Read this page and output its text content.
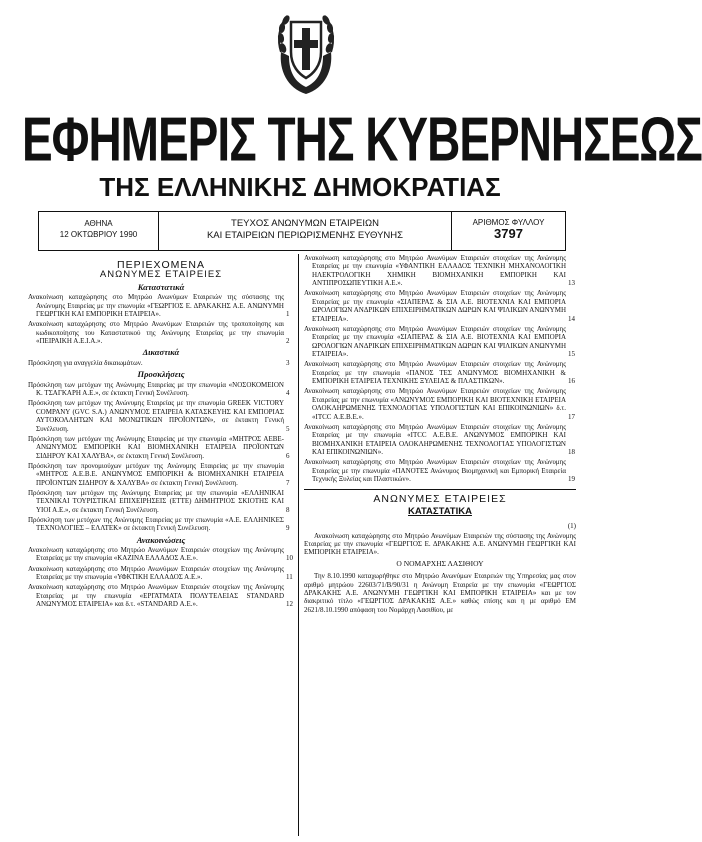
ΕΦΗΜΕΡΙΣ ΤΗΣ ΚΥΒΕΡΝΗΣΕΩΣ
ΤΗΣ ΕΛΛΗΝΙΚΗΣ ΔΗΜΟΚΡΑΤΙΑΣ
ΑΘΗΝΑ
12 ΟΚΤΩΒΡΙΟΥ 1990
ΤΕΥΧΟΣ ΑΝΩΝΥΜΩΝ ΕΤΑΙΡΕΙΩΝ
ΚΑΙ ΕΤΑΙΡΕΙΩΝ ΠΕΡΙΩΡΙΣΜΕΝΗΣ ΕΥΘΥΝΗΣ
ΑΡΙΘΜΟΣ ΦΥΛΛΟΥ
3797
ΠΕΡΙΕΧΟΜΕΝΑ
ΑΝΩΝΥΜΕΣ ΕΤΑΙΡΕΙΕΣ
Καταστατικά
Ανακοίνωση καταχώρησης στο Μητρώο Ανωνύμων Εταιρειών της σύστασης της Ανώνυμης Εταιρείας με την επωνυμία «ΓΕΩΡΓΙΟΣ Ε. ΔΡΑΚΑΚΗΣ Α.Ε. ΑΝΩΝΥΜΗ ΓΕΩΡΓΙΚΗ ΚΑΙ ΕΜΠΟΡΙΚΗ ΕΤΑΙΡΕΙΑ».	1
Ανακοίνωση καταχώρησης στο Μητρώο Ανωνύμων Εταιρειών της τροποποίησης και κωδικοποίησης του Καταστατικού της Ανώνυμης Εταιρείας με την επωνυμία «ΠΕΙΡΑΙΚΗ Α.Ε.Ι.Α.».	2
Δικαστικά
Πρόσκληση για αναγγελία δικαιωμάτων.	3
Προσκλήσεις
Πρόσκληση των μετόχων της Ανώνυμης Εταιρείας με την επωνυμία «ΝΟΣΟΚΟΜΕΙΟΝ Κ. ΤΣΑΓΚΑΡΗ Α.Ε.», σε έκτακτη Γενική Συνέλευση.	4
Πρόσκληση των μετόχων της Ανώνυμης Εταιρείας με την επωνυμία GREEK VICTORY COMPANY (GVC S.A.) ΑΝΩΝΥΜΟΣ ΕΤΑΙΡΕΙΑ ΚΑΤΑΣΚΕΥΗΣ ΚΑΙ ΕΜΠΟΡΙΑΣ ΑΥΤΟΚΟΛΛΗΤΩΝ ΚΑΙ ΜΟΝΩΤΙΚΩΝ ΠΡΟΪΟΝΤΩΝ», σε έκτακτη Γενική Συνέλευση.	5
Πρόσκληση των μετόχων της Ανώνυμης Εταιρείας με την επωνυμία «ΜΗΤΡΟΣ ΑΕΒΕ-ΑΝΩΝΥΜΟΣ ΕΜΠΟΡΙΚΗ ΚΑΙ ΒΙΟΜΗΧΑΝΙΚΗ ΕΤΑΙΡΕΙΑ ΠΡΟΪΟΝΤΩΝ ΣΙΔΗΡΟΥ ΚΑΙ ΧΑΛΥΒΑ», σε έκτακτη Γενική Συνέλευση.	6
Πρόσκληση των προνομιούχων μετόχων της Ανώνυμης Εταιρείας με την επωνυμία «ΜΗΤΡΟΣ Α.Ε.Β.Ε. ΑΝΩΝΥΜΟΣ ΕΜΠΟΡΙΚΗ & ΒΙΟΜΗΧΑΝΙΚΗ ΕΤΑΙΡΕΙΑ ΠΡΟΪΟΝΤΩΝ ΣΙΔΗΡΟΥ & ΧΑΛΥΒΑ» σε έκτακτη Γενική Συνέλευση.	7
Πρόσκληση των μετόχων της Ανώνυμης Εταιρείας με την επωνυμία «ΕΛΛΗΝΙΚΑΙ ΤΕΧΝΙΚΑΙ ΤΟΥΡΙΣΤΙΚΑΙ ΕΠΙΧΕΙΡΗΣΕΙΣ (ΕΤΤΕ) ΔΗΜΗΤΡΙΟΣ ΣΚΙΟΤΗΣ ΚΑΙ ΥΙΟΙ Α.Ε.», σε έκτακτη Γενική Συνέλευση.	8
Πρόσκληση των μετόχων της Ανώνυμης Εταιρείας με την επωνυμία «Α.Ε. ΕΛΛΗΝΙΚΕΣ ΤΕΧΝΟΛΟΓΙΕΣ – ΕΛΛΤΕΚ» σε έκτακτη Γενική Συνέλευση.	9
Ανακοινώσεις
Ανακοίνωση καταχώρησης στο Μητρώο Ανωνύμων Εταιρειών στοιχείων της Ανώνυμης Εταιρείας με την επωνυμία «ΚΑΖΙΝΑ ΕΛΛΑΔΟΣ Α.Ε.».	10
Ανακοίνωση καταχώρησης στο Μητρώο Ανωνύμων Εταιρειών στοιχείων της Ανώνυμης Εταιρείας με την επωνυμία «ΥΦΚΤΙΚΗ ΕΛΛΑΔΟΣ Α.Ε.».	11
Ανακοίνωση καταχώρησης στο Μητρώο Ανωνύμων Εταιρειών στοιχείων της Ανώνυμης Εταιρείας με την επωνυμία «ΕΡΓΑΤΜΑΤΑ ΠΟΛΥΤΕΛΕΙΑΣ STANDARD ΑΝΩΝΥΜΟΣ ΕΤΑΙΡΕΙΑ» και δ.τ. «STANDARD Α.Ε.».	12
Ανακοίνωση καταχώρησης στο Μητρώο Ανωνύμων Εταιρειών στοιχείων της Ανώνυμης Εταιρείας με την επωνυμία «ΥΦΑΝΤΙΚΗ ΕΛΛΑΔΟΣ ΤΕΧΝΙΚΗ ΜΗΧΑΝΟΛΟΓΙΚΗ ΗΛΕΚΤΡΟΛΟΓΙΚΗ ΧΗΜΙΚΗ ΒΙΟΜΗΧΑΝΙΚΗ ΕΜΠΟΡΙΚΗ ΚΑΙ ΑΝΤΙΠΡΟΣΩΠΕΥΤΙΚΗ Α.Ε.».	13
Ανακοίνωση καταχώρησης στο Μητρώο Ανωνύμων Εταιρειών στοιχείων της Ανώνυμης Εταιρείας με την επωνυμία «ΣΙΑΠΕΡΑΣ & ΣΙΑ Α.Ε. ΒΙΟΤΕΧΝΙΑ ΚΑΙ ΕΜΠΟΡΙΑ ΩΡΟΛΟΓΙΩΝ ΑΝΔΡΙΚΩΝ ΕΠΙΧΕΙΡΗΜΑΤΙΚΩΝ ΔΩΡΩΝ ΚΑΙ ΨΙΛΙΚΩΝ ΑΝΩΝΥΜΗ ΕΤΑΙΡΕΙΑ».	14
Ανακοίνωση καταχώρησης στο Μητρώο Ανωνύμων Εταιρειών στοιχείων της Ανώνυμης Εταιρείας με την επωνυμία «ΣΙΑΠΕΡΑΣ & ΣΙΑ Α.Ε. ΒΙΟΤΕΧΝΙΑ ΚΑΙ ΕΜΠΟΡΙΑ ΩΡΟΛΟΓΙΩΝ ΑΝΔΡΙΚΩΝ ΕΠΙΧΕΙΡΗΜΑΤΙΚΩΝ ΔΩΡΩΝ ΚΑΙ ΨΙΛΙΚΩΝ ΑΝΩΝΥΜΗ ΕΤΑΙΡΕΙΑ».	15
Ανακοίνωση καταχώρησης στο Μητρώο Ανωνύμων Εταιρειών στοιχείων της Ανώνυμης Εταιρείας με την επωνυμία «ΠΑΝΟΣ ΤΕΣ ΑΝΩΝΥΜΟΣ ΒΙΟΜΗΧΑΝΙΚΗ & ΕΜΠΟΡΙΚΗ ΕΤΑΙΡΕΙΑ ΤΕΧΝΙΚΗΣ ΞΥΛΕΙΑΣ & ΠΛΑΣΤΙΚΩΝ».	16
Ανακοίνωση καταχώρησης στο Μητρώο Ανωνύμων Εταιρειών στοιχείων της Ανώνυμης Εταιρείας με την επωνυμία «ΑΝΩΝΥΜΟΣ ΕΜΠΟΡΙΚΗ ΚΑΙ ΒΙΟΤΕΧΝΙΚΗ ΕΤΑΙΡΕΙΑ ΟΛΟΚΛΗΡΩΜΕΝΗΣ ΤΕΧΝΟΛΟΓΙΑΣ ΥΠΟΛΟΓΙΣΤΩΝ ΚΑΙ ΕΠΙΚΟΙΝΩΝΙΩΝ» δ.τ. «ITCC Α.Ε.Β.Ε.».	17
Ανακοίνωση καταχώρησης στο Μητρώο Ανωνύμων Εταιρειών στοιχείων της Ανώνυμης Εταιρείας με την επωνυμία «ITCC Α.Ε.Β.Ε. ΑΝΩΝΥΜΟΣ ΕΜΠΟΡΙΚΗ ΚΑΙ ΒΙΟΜΗΧΑΝΙΚΗ ΕΤΑΙΡΕΙΑ ΟΛΟΚΛΗΡΩΜΕΝΗΣ ΤΕΧΝΟΛΟΓΙΑΣ ΥΠΟΛΟΓΙΣΤΩΝ ΚΑΙ ΕΠΙΚΟΙΝΩΝΙΩΝ».	18
Ανακοίνωση καταχώρησης στο Μητρώο Ανωνύμων Εταιρειών στοιχείων της Ανώνυμης Εταιρείας με την επωνυμία «ΠΑΝΟΤΕΣ Ανώνυμος Βιομηχανική και Εμπορική Εταιρεία Τεχνικής Ξυλείας και Πλαστικών».	19
ΑΝΩΝΥΜΕΣ ΕΤΑΙΡΕΙΕΣ
ΚΑΤΑΣΤΑΤΙΚΑ
(1)
Ανακοίνωση καταχώρησης στο Μητρώο Ανωνύμων Εταιρειών της σύστασης της Ανώνυμης Εταιρείας με την επωνυμία «ΓΕΩΡΓΙΟΣ Ε. ΔΡΑΚΑΚΗΣ Α.Ε. ΑΝΩΝΥΜΗ ΓΕΩΡΓΙΚΗ ΚΑΙ ΕΜΠΟΡΙΚΗ ΕΤΑΙΡΕΙΑ».
Ο ΝΟΜΑΡΧΗΣ ΛΑΣΙΘΙΟΥ
Την 8.10.1990 καταχωρήθηκε στο Μητρώο Ανωνύμων Εταιρειών της Υπηρεσίας μας στον αριθμό μητρώου 22603/71/Β/90/31 η Ανώνυμη Εταιρεία με την επωνυμία «ΓΕΩΡΓΙΟΣ ΔΡΑΚΑΚΗΣ Α.Ε. ΑΝΩΝΥΜΗ ΓΕΩΡΓΙΚΗ ΚΑΙ ΕΜΠΟΡΙΚΗ ΕΤΑΙΡΕΙΑ» και με τον διακριτικό τίτλο «ΓΕΩΡΓΙΟΣ ΔΡΑΚΑΚΗΣ Α.Ε.» καθώς επίσης και η με αριθμό ΕΜ 2621/8.10.1990 απόφαση του Νομάρχη Λασιθίου, με
